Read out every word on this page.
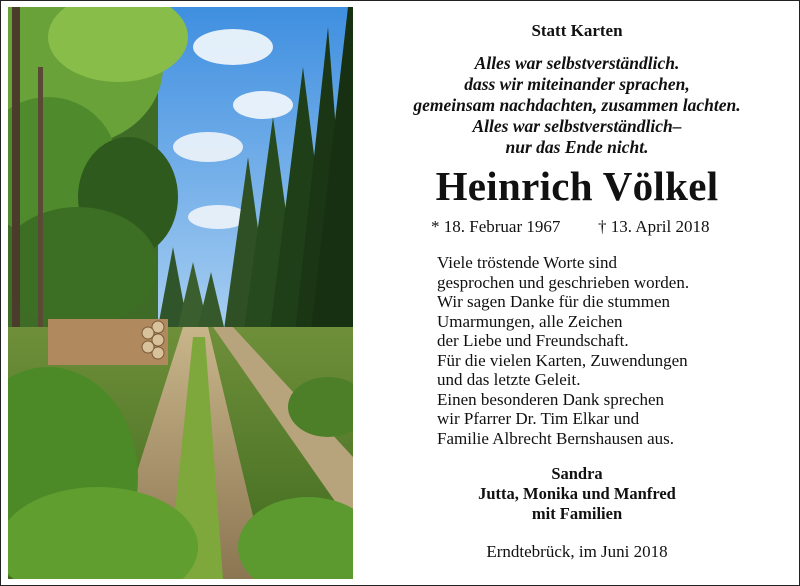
Statt Karten
Alles war selbstverständlich.
dass wir miteinander sprachen,
gemeinsam nachdachten, zusammen lachten.
Alles war selbstverständlich–
nur das Ende nicht.
Heinrich Völkel
* 18. Februar 1967 † 13. April 2018
Viele tröstende Worte sind
gesprochen und geschrieben worden.
Wir sagen Danke für die stummen
Umarmungen, alle Zeichen
der Liebe und Freundschaft.
Für die vielen Karten, Zuwendungen
und das letzte Geleit.
Einen besonderen Dank sprechen
wir Pfarrer Dr. Tim Elkar und
Familie Albrecht Bernshausen aus.
Sandra
Jutta, Monika und Manfred
mit Familien
Erndtebrück, im Juni 2018
